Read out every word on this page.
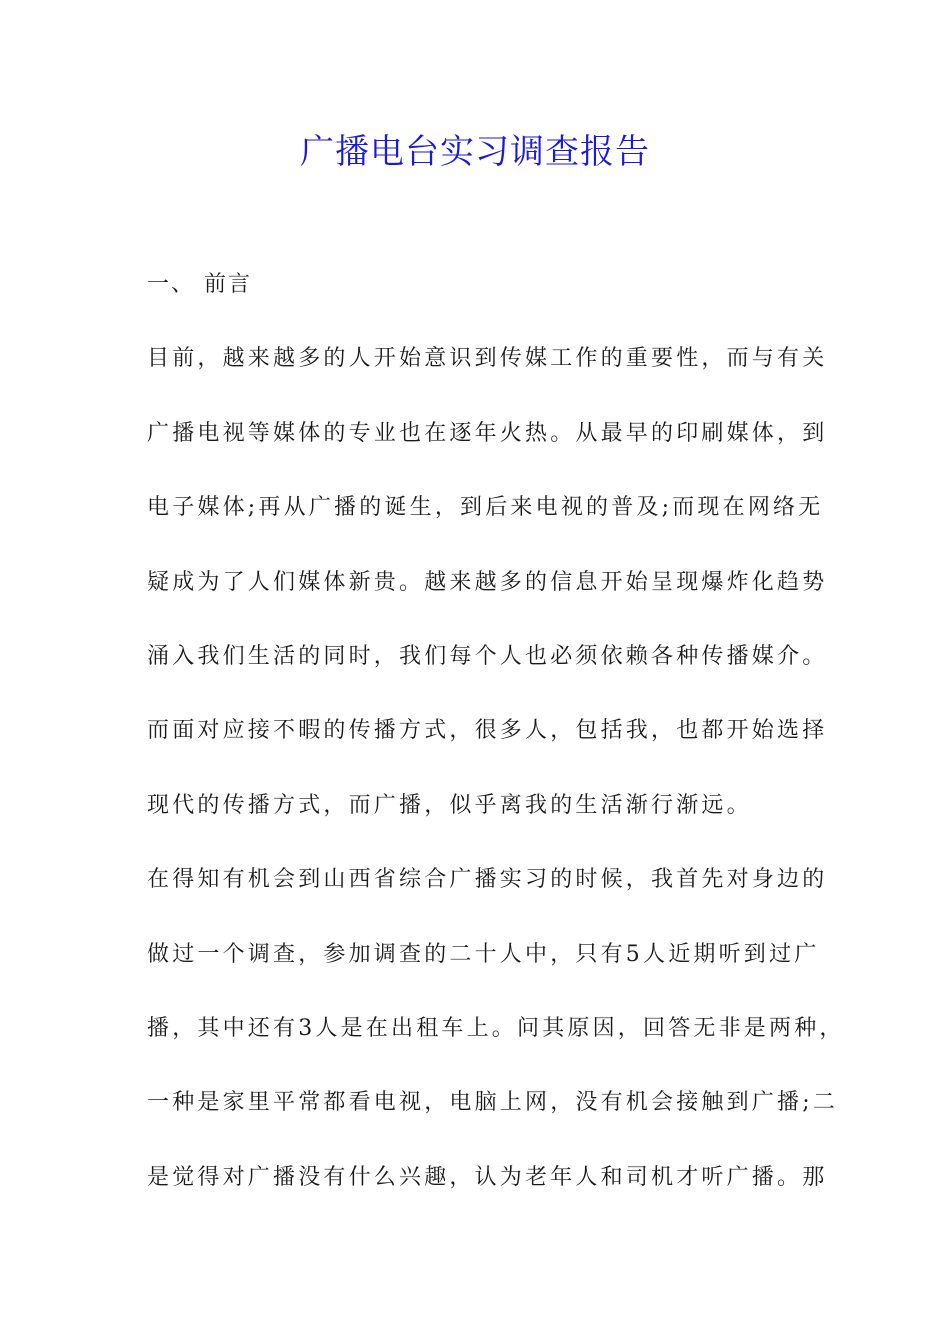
广播电台实习调查报告
一、 前言
目前，越来越多的人开始意识到传媒工作的重要性，而与有关
广播电视等媒体的专业也在逐年火热。从最早的印刷媒体，到
电子媒体;再从广播的诞生，到后来电视的普及;而现在网络无
疑成为了人们媒体新贵。越来越多的信息开始呈现爆炸化趋势
涌入我们生活的同时，我们每个人也必须依赖各种传播媒介。
而面对应接不暇的传播方式，很多人，包括我，也都开始选择
现代的传播方式，而广播，似乎离我的生活渐行渐远。
在得知有机会到山西省综合广播实习的时候，我首先对身边的
做过一个调查，参加调查的二十人中，只有5人近期听到过广
播，其中还有3人是在出租车上。问其原因，回答无非是两种，
一种是家里平常都看电视，电脑上网，没有机会接触到广播;二
是觉得对广播没有什么兴趣，认为老年人和司机才听广播。那
